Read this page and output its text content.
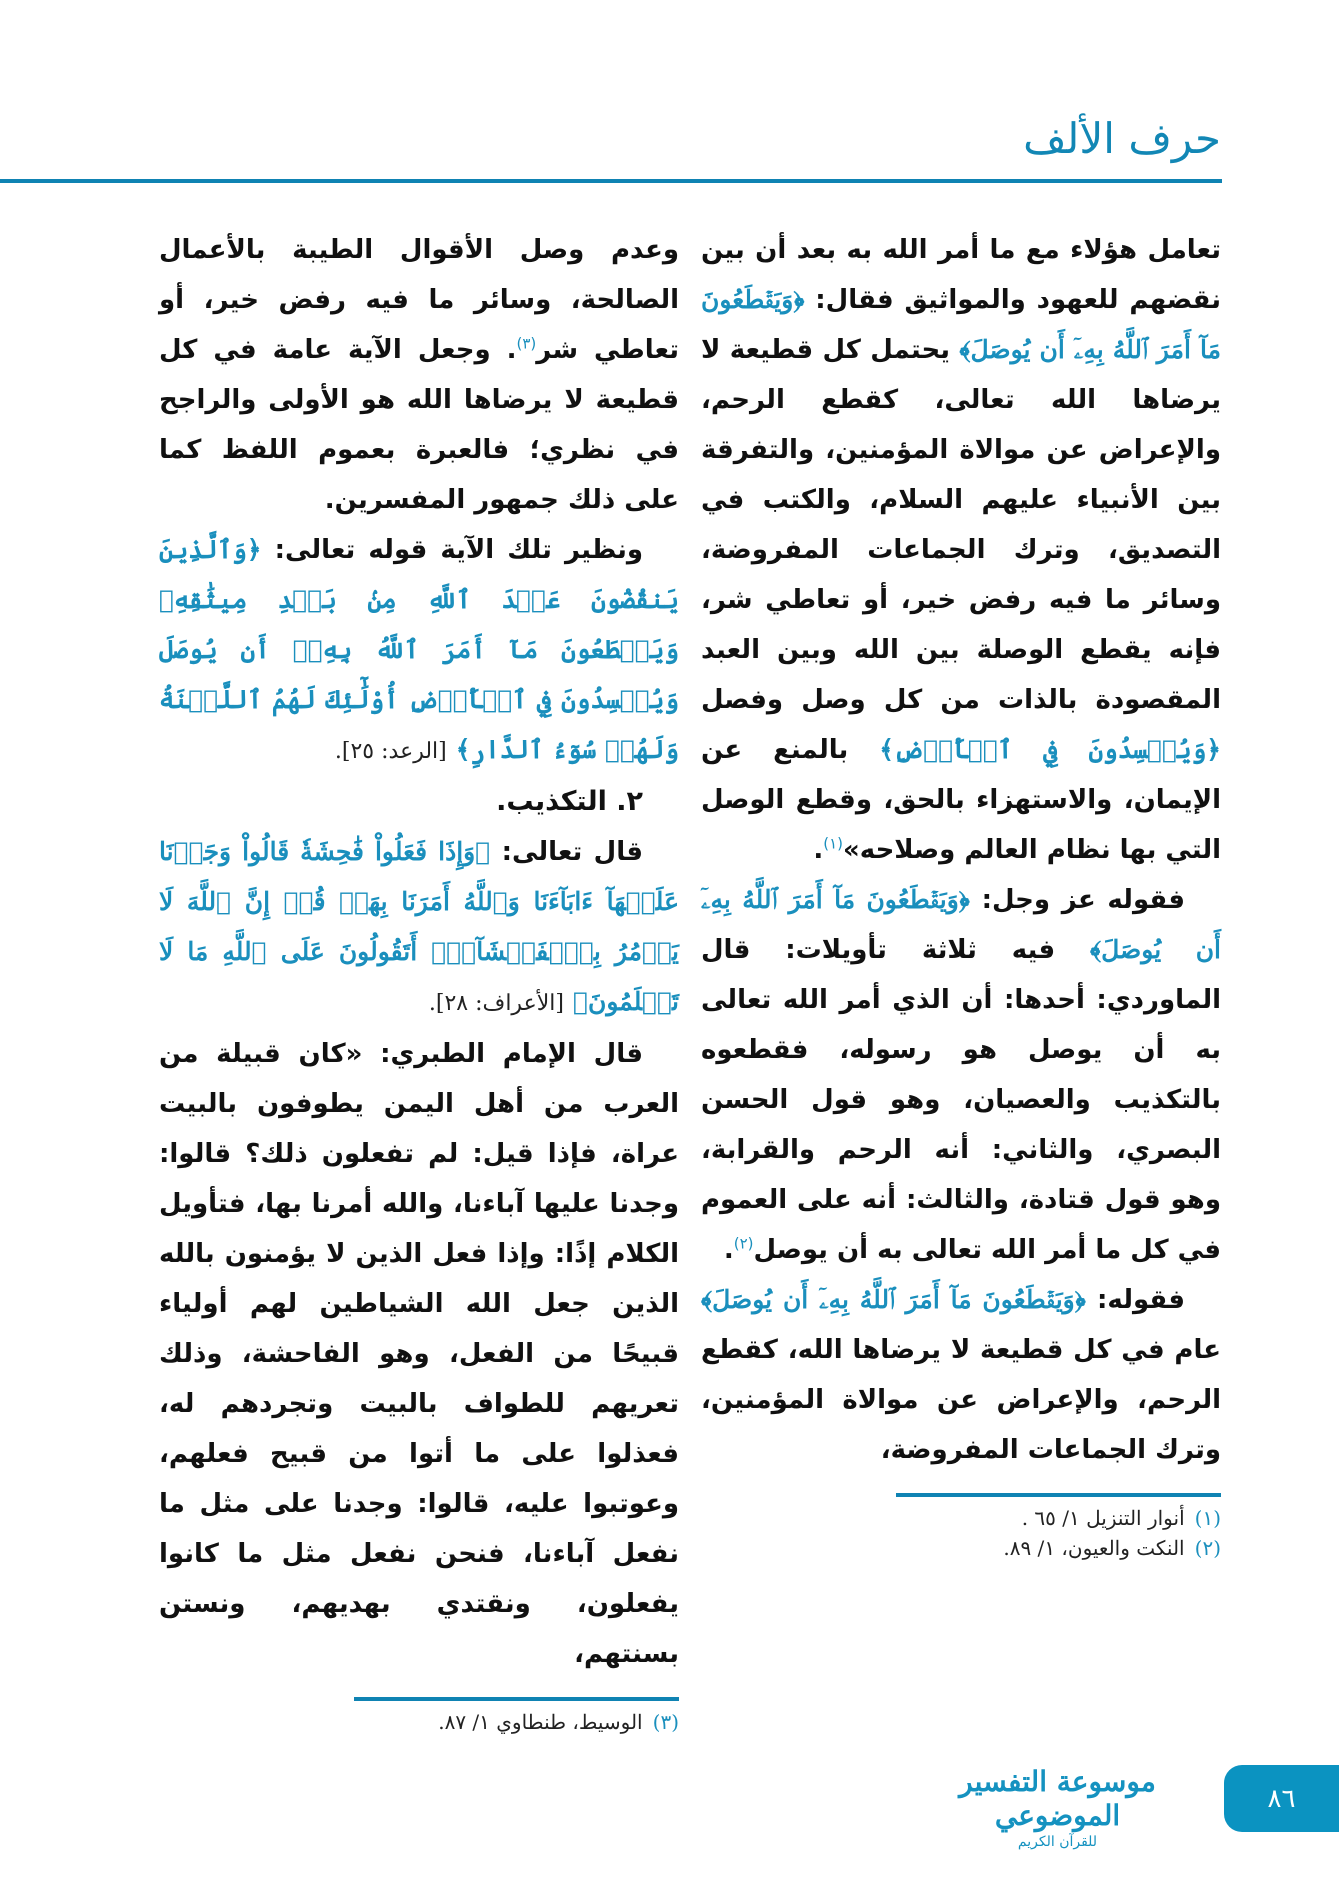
حرف الألف

تعامل هؤلاء مع ما أمر الله به بعد أن بين نقضهم للعهود والمواثيق فقال: ﴿وَيَقۡطَعُونَ مَآ أَمَرَ ٱللَّهُ بِهِۦٓ أَن يُوصَلَ﴾ يحتمل كل قطيعة لا يرضاها الله تعالى، كقطع الرحم، والإعراض عن موالاة المؤمنين، والتفرقة بين الأنبياء عليهم السلام، والكتب في التصديق، وترك الجماعات المفروضة، وسائر ما فيه رفض خير، أو تعاطي شر، فإنه يقطع الوصلة بين الله وبين العبد المقصودة بالذات من كل وصل وفصل ﴿وَيُفۡسِدُونَ فِي ٱلۡأَرۡضِ﴾ بالمنع عن الإيمان، والاستهزاء بالحق، وقطع الوصل التي بها نظام العالم وصلاحه»$^{(١)}$.

فقوله عز وجل: ﴿وَيَقۡطَعُونَ مَآ أَمَرَ ٱللَّهُ بِهِۦٓ أَن يُوصَلَ﴾ فيه ثلاثة تأويلات: قال الماوردي: أحدها: أن الذي أمر الله تعالى به أن يوصل هو رسوله، فقطعوه بالتكذيب والعصيان، وهو قول الحسن البصري، والثاني: أنه الرحم والقرابة، وهو قول قتادة، والثالث: أنه على العموم في كل ما أمر الله تعالى به أن يوصل$^{(٢)}$.

فقوله: ﴿وَيَقۡطَعُونَ مَآ أَمَرَ ٱللَّهُ بِهِۦٓ أَن يُوصَلَ﴾ عام في كل قطيعة لا يرضاها الله، كقطع الرحم، والإعراض عن موالاة المؤمنين، وترك الجماعات المفروضة،

(١)أنوار التنزيل ١/ ٦٥ .
(٢)النكت والعيون، ١/ ٨٩.

وعدم وصل الأقوال الطيبة بالأعمال الصالحة، وسائر ما فيه رفض خير، أو تعاطي شر$^{(٣)}$. وجعل الآية عامة في كل قطيعة لا يرضاها الله هو الأولى والراجح في نظري؛ فالعبرة بعموم اللفظ كما على ذلك جمهور المفسرين.

ونظير تلك الآية قوله تعالى: ﴿وَٱلَّذِينَ يَنقُضُونَ عَهۡدَ ٱللَّهِ مِنۢ بَعۡدِ مِيثَٰقِهِۦ وَيَقۡطَعُونَ مَآ أَمَرَ ٱللَّهُ بِهِۦٓ أَن يُوصَلَ وَيُفۡسِدُونَ فِي ٱلۡأَرۡضِ أُوْلَٰٓئِكَ لَهُمُ ٱللَّعۡنَةُ وَلَهُمۡ سُوٓءُ ٱلدَّارِ﴾ [الرعد: ٢٥].

٢. التكذيب.

قال تعالى: ﴿وَإِذَا فَعَلُواْ فَٰحِشَةٗ قَالُواْ وَجَدۡنَا عَلَيۡهَآ ءَابَآءَنَا وَٱللَّهُ أَمَرَنَا بِهَاۗ قُلۡ إِنَّ ٱللَّهَ لَا يَأۡمُرُ بِٱلۡفَحۡشَآءِۖ أَتَقُولُونَ عَلَى ٱللَّهِ مَا لَا تَعۡلَمُونَ﴾ [الأعراف: ٢٨].

قال الإمام الطبري: «كان قبيلة من العرب من أهل اليمن يطوفون بالبيت عراة، فإذا قيل: لم تفعلون ذلك؟ قالوا: وجدنا عليها آباءنا، والله أمرنا بها، فتأويل الكلام إذًا: وإذا فعل الذين لا يؤمنون بالله الذين جعل الله الشياطين لهم أولياء قبيحًا من الفعل، وهو الفاحشة، وذلك تعريهم للطواف بالبيت وتجردهم له، فعذلوا على ما أتوا من قبيح فعلهم، وعوتبوا عليه، قالوا: وجدنا على مثل ما نفعل آباءنا، فنحن نفعل مثل ما كانوا يفعلون، ونقتدي بهديهم، ونستن بسنتهم،

(٣)الوسيط، طنطاوي ١/ ٨٧.
٨٦
موسوعة التفسير الموضوعي
للقرآن الكريم
